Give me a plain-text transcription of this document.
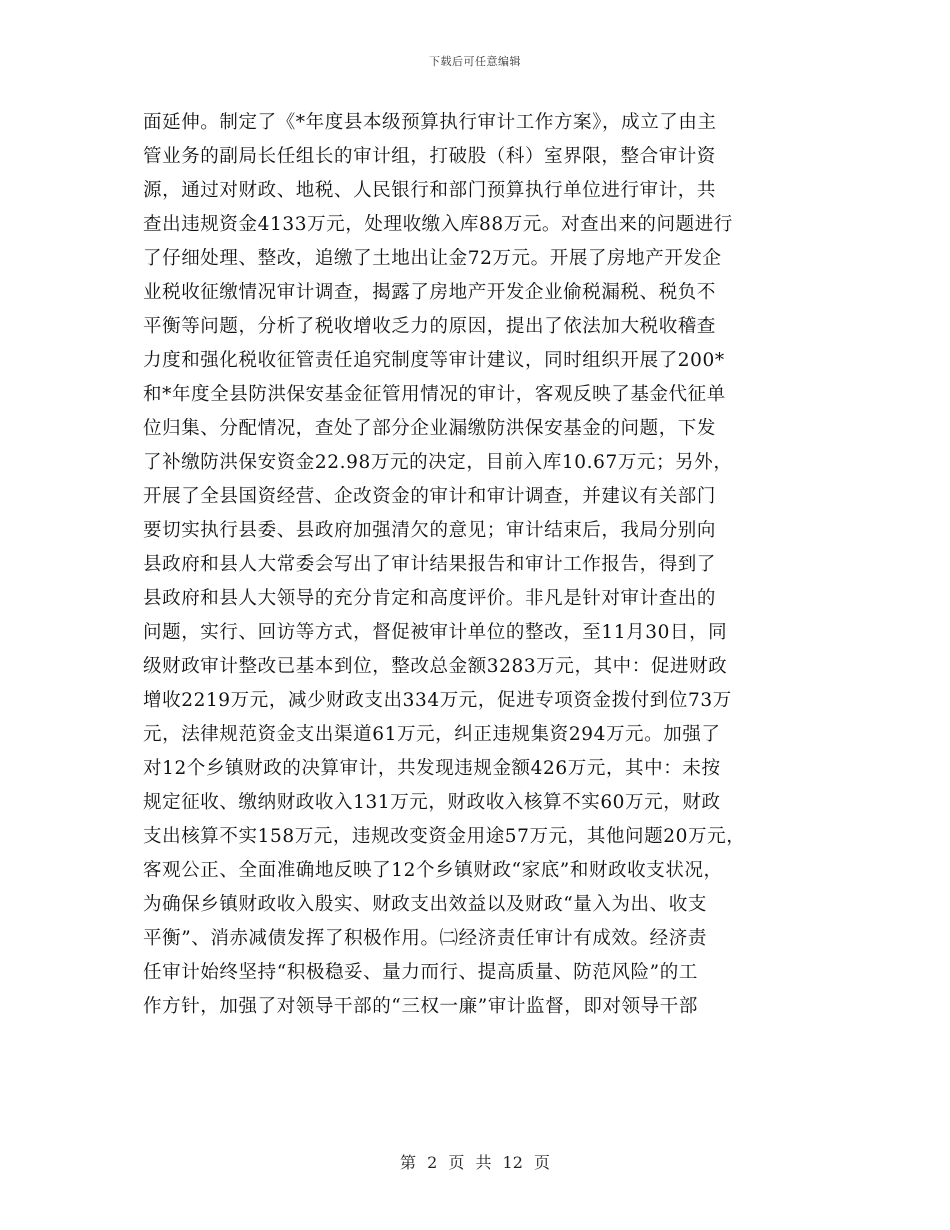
下载后可任意编辑
面延伸。制定了《*年度县本级预算执行审计工作方案》，成立了由主
管业务的副局长任组长的审计组，打破股（科）室界限，整合审计资
源，通过对财政、地税、人民银行和部门预算执行单位进行审计，共
查出违规资金4133万元，处理收缴入库88万元。对查出来的问题进行
了仔细处理、整改，追缴了土地出让金72万元。开展了房地产开发企
业税收征缴情况审计调查，揭露了房地产开发企业偷税漏税、税负不
平衡等问题，分析了税收增收乏力的原因，提出了依法加大税收稽查
力度和强化税收征管责任追究制度等审计建议，同时组织开展了200*
和*年度全县防洪保安基金征管用情况的审计，客观反映了基金代征单
位归集、分配情况，查处了部分企业漏缴防洪保安基金的问题，下发
了补缴防洪保安资金22.98万元的决定，目前入库10.67万元；另外，
开展了全县国资经营、企改资金的审计和审计调查，并建议有关部门
要切实执行县委、县政府加强清欠的意见；审计结束后，我局分别向
县政府和县人大常委会写出了审计结果报告和审计工作报告，得到了
县政府和县人大领导的充分肯定和高度评价。非凡是针对审计查出的
问题，实行、回访等方式，督促被审计单位的整改，至11月30日，同
级财政审计整改已基本到位，整改总金额3283万元，其中：促进财政
增收2219万元，减少财政支出334万元，促进专项资金拨付到位73万
元，法律规范资金支出渠道61万元，纠正违规集资294万元。加强了
对12个乡镇财政的决算审计，共发现违规金额426万元，其中：未按
规定征收、缴纳财政收入131万元，财政收入核算不实60万元，财政
支出核算不实158万元，违规改变资金用途57万元，其他问题20万元，
客观公正、全面准确地反映了12个乡镇财政“家底”和财政收支状况，
为确保乡镇财政收入殷实、财政支出效益以及财政“量入为出、收支
平衡”、消赤减债发挥了积极作用。㈡经济责任审计有成效。经济责
任审计始终坚持“积极稳妥、量力而行、提高质量、防范风险”的工
作方针，加强了对领导干部的“三权一廉”审计监督，即对领导干部
第 2 页 共 12 页
